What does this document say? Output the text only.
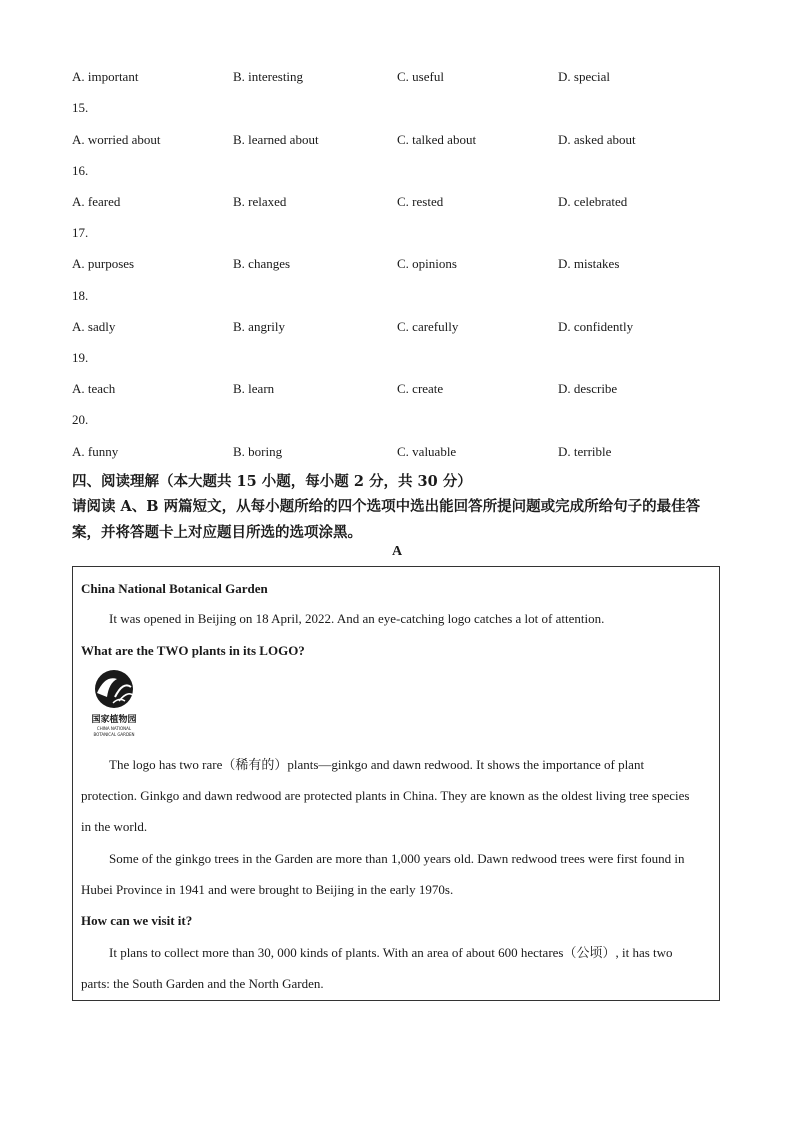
A. important	B. interesting	C. useful	D. special
15.
A. worried about	B. learned about	C. talked about	D. asked about
16.
A. feared	B. relaxed	C. rested	D. celebrated
17.
A. purposes	B. changes	C. opinions	D. mistakes
18.
A. sadly	B. angrily	C. carefully	D. confidently
19.
A. teach	B. learn	C. create	D. describe
20.
A. funny	B. boring	C. valuable	D. terrible
四、阅读理解（本大题共 15 小题，每小题 2 分，共 30 分）
请阅读 A、B 两篇短文，从每小题所给的四个选项中选出能回答所提问题或完成所给句子的最佳答案，并将答题卡上对应题目所选的选项涂黑。
A
China National Botanical Garden
It was opened in Beijing on 18 April, 2022. And an eye-catching logo catches a lot of attention.
What are the TWO plants in its LOGO?
国家植物园
CHINA NATIONAL
BOTANICAL GARDEN
The logo has two rare（稀有的）plants—ginkgo and dawn redwood. It shows the importance of plant protection. Ginkgo and dawn redwood are protected plants in China. They are known as the oldest living tree species in the world.
Some of the ginkgo trees in the Garden are more than 1,000 years old. Dawn redwood trees were first found in Hubei Province in 1941 and were brought to Beijing in the early 1970s.
How can we visit it?
It plans to collect more than 30, 000 kinds of plants. With an area of about 600 hectares（公顷）, it has two parts: the South Garden and the North Garden.
